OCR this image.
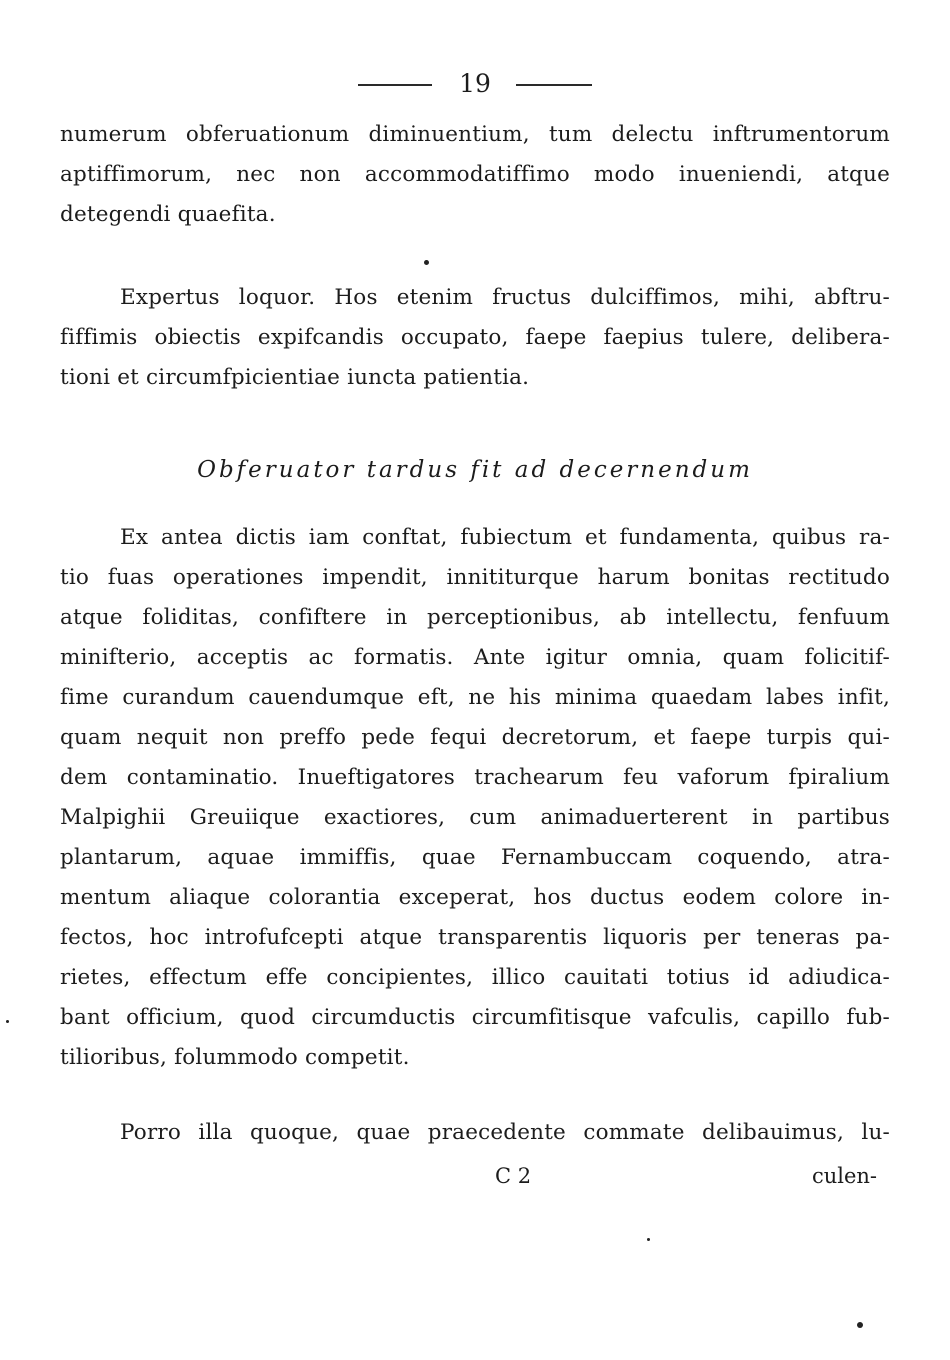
19
numerum obferuationum diminuentium, tum delectu inftrumentorum
aptiffimorum, nec non accommodatiffimo modo inueniendi, atque
detegendi quaefita.
Expertus loquor. Hos etenim fructus dulciffimos, mihi, abftru-
fiffimis obiectis expifcandis occupato, faepe faepius tulere, delibera-
tioni et circumfpicientiae iuncta patientia.
Obferuator tardus fit ad decernendum
Ex antea dictis iam conftat, fubiectum et fundamenta, quibus ra-
tio fuas operationes impendit, innititurque harum bonitas rectitudo
atque foliditas, confiftere in perceptionibus, ab intellectu, fenfuum
minifterio, acceptis ac formatis. Ante igitur omnia, quam folicitif-
fime curandum cauendumque eft, ne his minima quaedam labes infit,
quam nequit non preffo pede fequi decretorum, et faepe turpis qui-
dem contaminatio. Inueftigatores trachearum feu vaforum fpiralium
Malpighii Greuiique exactiores, cum animaduerterent in partibus
plantarum, aquae immiffis, quae Fernambuccam coquendo, atra-
mentum aliaque colorantia exceperat, hos ductus eodem colore in-
fectos, hoc introfufcepti atque transparentis liquoris per teneras pa-
rietes, effectum effe concipientes, illico cauitati totius id adiudica-
bant officium, quod circumductis circumfitisque vafculis, capillo fub-
tilioribus, folummodo competit.
Porro illa quoque, quae praecedente commate delibauimus, lu-
C 2	culen-
